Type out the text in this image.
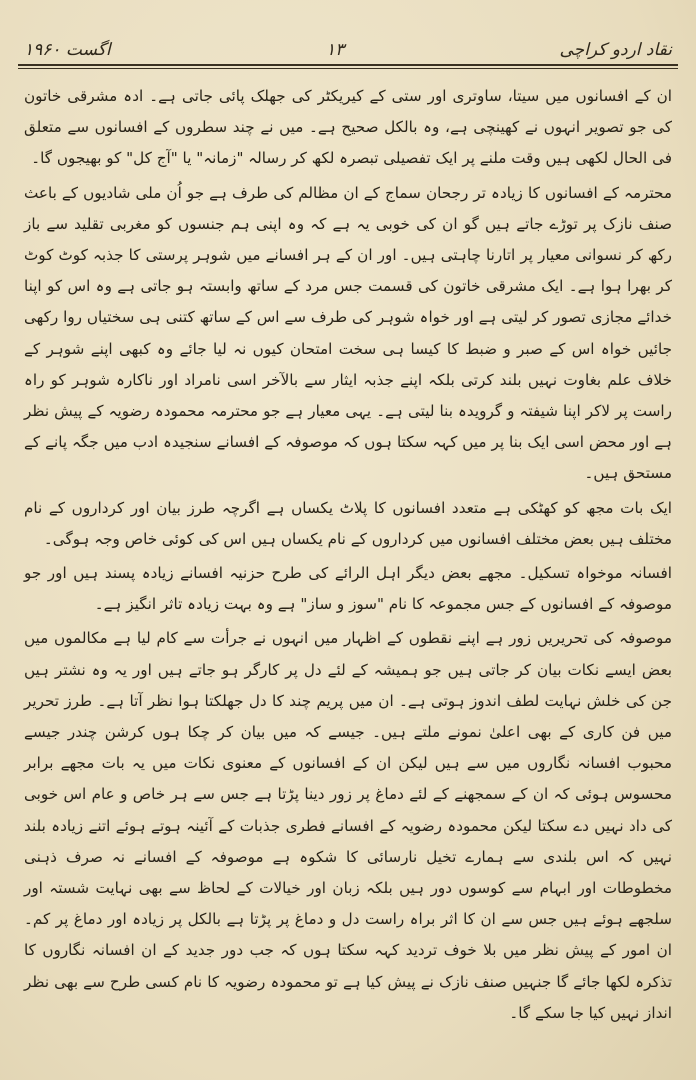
اگست ۱۹۶۰	۱۳	نقاد اردو کراچی

ان کے افسانوں میں سیتا، ساوتری اور ستی کے کیریکٹر کی جھلک پائی جاتی ہے۔ ادہ مشرقی خاتون کی جو تصویر انہوں نے کھینچی ہے، وہ بالکل صحیح ہے۔ میں نے چند سطروں کے افسانوں سے متعلق فی الحال لکھی ہیں وقت ملنے پر ایک تفصیلی تبصرہ لکھ کر رسالہ "زمانہ" یا "آج کل" کو بھیجوں گا۔

محترمہ کے افسانوں کا زیادہ تر رجحان سماج کے ان مظالم کی طرف ہے جو اُن ملی شادیوں کے باعث صنف نازک پر توڑے جاتے ہیں گو ان کی خوبی یہ ہے کہ وہ اپنی ہم جنسوں کو مغربی تقلید سے باز رکھ کر نسوانی معیار پر اتارنا چاہتی ہیں۔ اور ان کے ہر افسانے میں شوہر پرستی کا جذبہ کوٹ کوٹ کر بھرا ہوا ہے۔ ایک مشرقی خاتون کی قسمت جس مرد کے ساتھ وابستہ ہو جاتی ہے وہ اس کو اپنا خدائے مجازی تصور کر لیتی ہے اور خواہ شوہر کی طرف سے اس کے ساتھ کتنی ہی سختیاں روا رکھی جائیں خواہ اس کے صبر و ضبط کا کیسا ہی سخت امتحان کیوں نہ لیا جائے وہ کبھی اپنے شوہر کے خلاف علم بغاوت نہیں بلند کرتی بلکہ اپنے جذبہ ایثار سے بالآخر اسی نامراد اور ناکارہ شوہر کو راہ راست پر لاکر اپنا شیفتہ و گرویدہ بنا لیتی ہے۔ یہی معیار ہے جو محترمہ محمودہ رضویہ کے پیش نظر ہے اور محض اسی ایک بنا پر میں کہہ سکتا ہوں کہ موصوفہ کے افسانے سنجیدہ ادب میں جگہ پانے کے مستحق ہیں۔

ایک بات مجھ کو کھٹکی ہے متعدد افسانوں کا پلاٹ یکساں ہے اگرچہ طرز بیان اور کرداروں کے نام مختلف ہیں بعض مختلف افسانوں میں کرداروں کے نام یکساں ہیں اس کی کوئی خاص وجہ ہوگی۔

افسانہ موخواہ تسکیل۔ مجھے بعض دیگر اہل الرائے کی طرح حزنیہ افسانے زیادہ پسند ہیں اور جو موصوفہ کے افسانوں کے جس مجموعہ کا نام "سوز و ساز" ہے وہ بہت زیادہ تاثر انگیز ہے۔

موصوفہ کی تحریریں زور ہے اپنے نقطوں کے اظہار میں انہوں نے جرأت سے کام لیا ہے مکالموں میں بعض ایسے نکات بیان کر جاتی ہیں جو ہمیشہ کے لئے دل پر کارگر ہو جاتے ہیں اور یہ وہ نشتر ہیں جن کی خلش نہایت لطف اندوز ہوتی ہے۔ ان میں پریم چند کا دل جھلکتا ہوا نظر آتا ہے۔ طرز تحریر میں فن کاری کے بھی اعلیٰ نمونے ملتے ہیں۔ جیسے کہ میں بیان کر چکا ہوں کرشن چندر جیسے محبوب افسانہ نگاروں میں سے ہیں لیکن ان کے افسانوں کے معنوی نکات میں یہ بات مجھے برابر محسوس ہوئی کہ ان کے سمجھنے کے لئے دماغ پر زور دینا پڑتا ہے جس سے ہر خاص و عام اس خوبی کی داد نہیں دے سکتا لیکن محمودہ رضویہ کے افسانے فطری جذبات کے آئینہ ہوتے ہوئے اتنے زیادہ بلند نہیں کہ اس بلندی سے ہمارے تخیل نارسائی کا شکوہ ہے موصوفہ کے افسانے نہ صرف ذہنی مخطوطات اور ابہام سے کوسوں دور ہیں بلکہ زبان اور خیالات کے لحاظ سے بھی نہایت شستہ اور سلجھے ہوئے ہیں جس سے ان کا اثر براہ راست دل و دماغ پر پڑتا ہے بالکل پر زیادہ اور دماغ پر کم۔ ان امور کے پیش نظر میں بلا خوف تردید کہہ سکتا ہوں کہ جب دور جدید کے ان افسانہ نگاروں کا تذکرہ لکھا جائے گا جنہیں صنف نازک نے پیش کیا ہے تو محمودہ رضویہ کا نام کسی طرح سے بھی نظر انداز نہیں کیا جا سکے گا۔
